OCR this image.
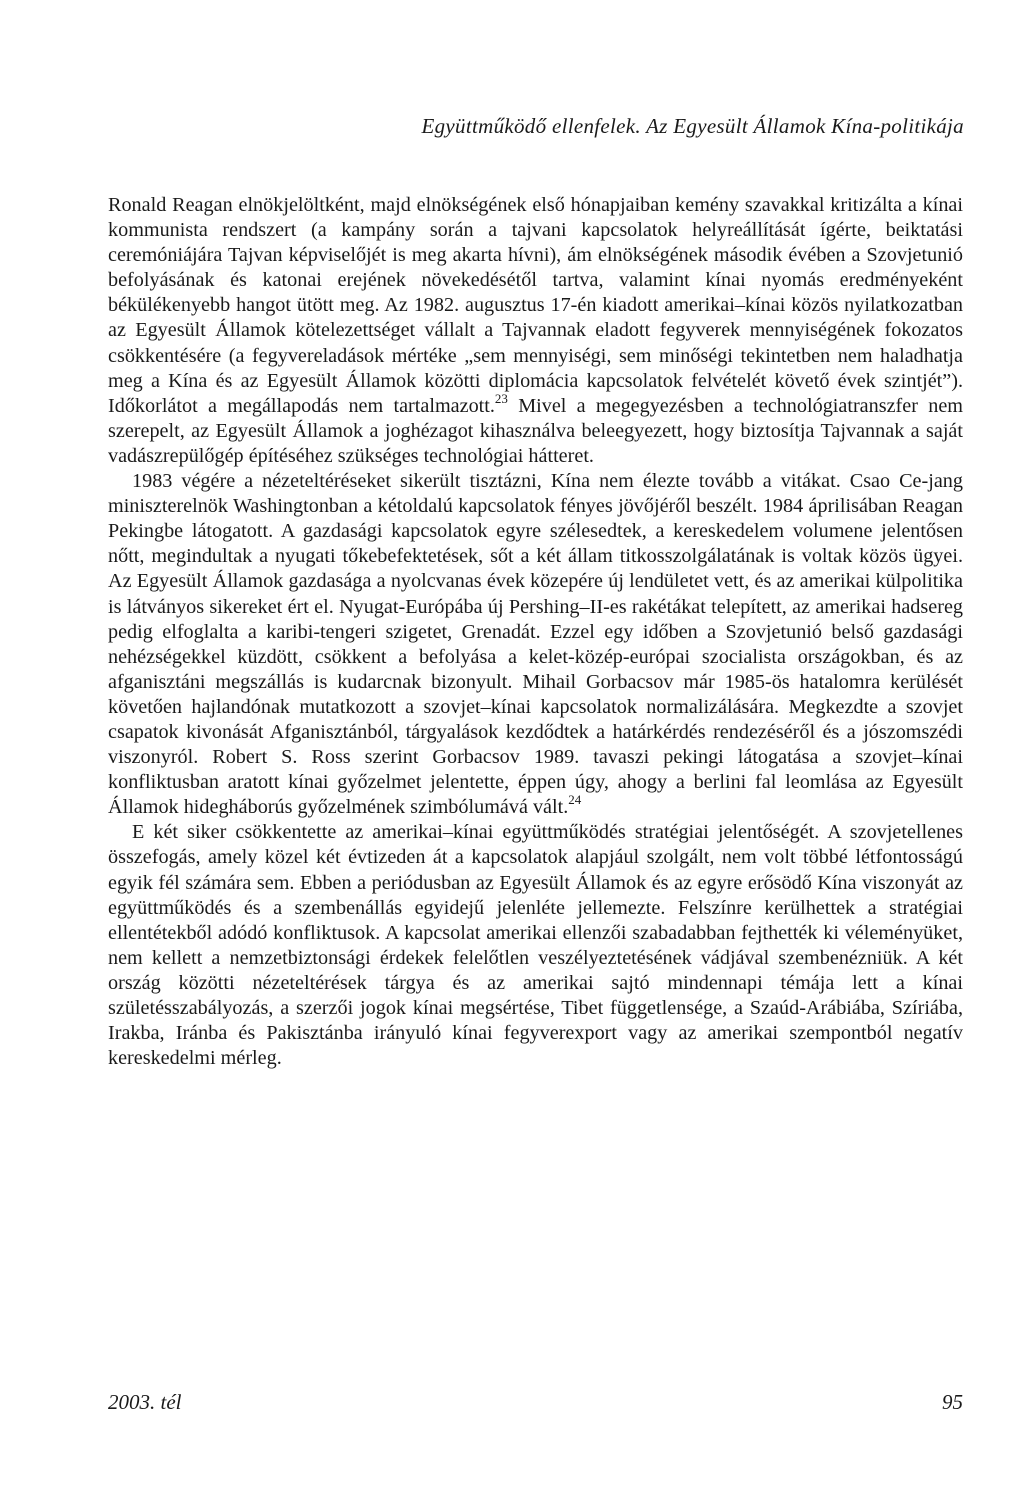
Együttműködő ellenfelek. Az Egyesült Államok Kína-politikája

Ronald Reagan elnökjelöltként, majd elnökségének első hónapjaiban kemény szavakkal kritizálta a kínai kommunista rendszert (a kampány során a tajvani kapcsolatok helyreállítását ígérte, beiktatási ceremóniájára Tajvan képviselőjét is meg akarta hívni), ám elnökségének második évében a Szovjetunió befolyásának és katonai erejének növekedésétől tartva, valamint kínai nyomás eredményeként békülékenyebb hangot ütött meg. Az 1982. augusztus 17-én kiadott amerikai–kínai közös nyilatkozatban az Egyesült Államok kötelezettséget vállalt a Tajvannak eladott fegyverek mennyiségének fokozatos csökkentésére (a fegyvereladások mértéke „sem mennyiségi, sem minőségi tekintetben nem haladhatja meg a Kína és az Egyesült Államok közötti diplomácia kapcsolatok felvételét követő évek szintjét”). Időkorlátot a megállapodás nem tartalmazott.$^{23}$ Mivel a megegyezésben a technológiatranszfer nem szerepelt, az Egyesült Államok a joghézagot kihasználva beleegyezett, hogy biztosítja Tajvannak a saját vadászrepülőgép építéséhez szükséges technológiai hátteret.

1983 végére a nézeteltéréseket sikerült tisztázni, Kína nem élezte tovább a vitákat. Csao Ce-jang miniszterelnök Washingtonban a kétoldalú kapcsolatok fényes jövőjéről beszélt. 1984 áprilisában Reagan Pekingbe látogatott. A gazdasági kapcsolatok egyre szélesedtek, a kereskedelem volumene jelentősen nőtt, megindultak a nyugati tőkebefektetések, sőt a két állam titkosszolgálatának is voltak közös ügyei. Az Egyesült Államok gazdasága a nyolcvanas évek közepére új lendületet vett, és az amerikai külpolitika is látványos sikereket ért el. Nyugat-Európába új Pershing–II-es rakétákat telepített, az amerikai hadsereg pedig elfoglalta a karibi-tengeri szigetet, Grenadát. Ezzel egy időben a Szovjetunió belső gazdasági nehézségekkel küzdött, csökkent a befolyása a kelet-közép-európai szocialista országokban, és az afganisztáni megszállás is kudarcnak bizonyult. Mihail Gorbacsov már 1985-ös hatalomra kerülését követően hajlandónak mutatkozott a szovjet–kínai kapcsolatok normalizálására. Megkezdte a szovjet csapatok kivonását Afganisztánból, tárgyalások kezdődtek a határkérdés rendezéséről és a jószomszédi viszonyról. Robert S. Ross szerint Gorbacsov 1989. tavaszi pekingi látogatása a szovjet–kínai konfliktusban aratott kínai győzelmet jelentette, éppen úgy, ahogy a berlini fal leomlása az Egyesült Államok hidegháborús győzelmének szimbólumává vált.$^{24}$

E két siker csökkentette az amerikai–kínai együttműködés stratégiai jelentőségét. A szovjetellenes összefogás, amely közel két évtizeden át a kapcsolatok alapjául szolgált, nem volt többé létfontosságú egyik fél számára sem. Ebben a periódusban az Egyesült Államok és az egyre erősödő Kína viszonyát az együttműködés és a szembenállás egyidejű jelenléte jellemezte. Felszínre kerülhettek a stratégiai ellentétekből adódó konfliktusok. A kapcsolat amerikai ellenzői szabadabban fejthették ki véleményüket, nem kellett a nemzetbiztonsági érdekek felelőtlen veszélyeztetésének vádjával szembenézniük. A két ország közötti nézeteltérések tárgya és az amerikai sajtó mindennapi témája lett a kínai születésszabályozás, a szerzői jogok kínai megsértése, Tibet függetlensége, a Szaúd-Arábiába, Szíriába, Irakba, Iránba és Pakisztánba irányuló kínai fegyverexport vagy az amerikai szempontból negatív kereskedelmi mérleg.

2003. tél	95
